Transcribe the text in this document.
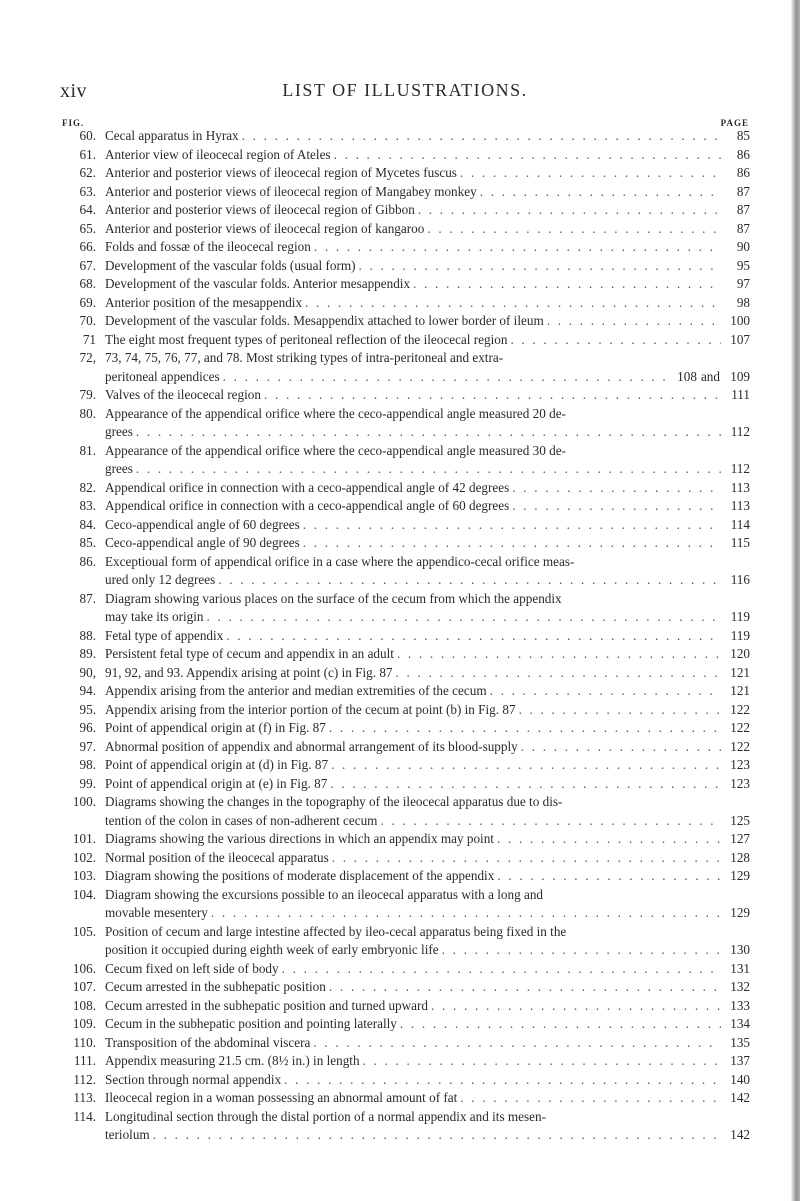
xiv	LIST OF ILLUSTRATIONS.
FIG.	PAGE
60. Cecal apparatus in Hyrax . . .	85
61. Anterior view of ileocecal region of Ateles . . .	86
62. Anterior and posterior views of ileocecal region of Mycetes fuscus . . .	86
63. Anterior and posterior views of ileocecal region of Mangabey monkey . . .	87
64. Anterior and posterior views of ileocecal region of Gibbon . . .	87
65. Anterior and posterior views of ileocecal region of kangaroo . . .	87
66. Folds and fossæ of the ileocecal region . . .	90
67. Development of the vascular folds (usual form) . . .	95
68. Development of the vascular folds. Anterior mesappendix . . .	97
69. Anterior position of the mesappendix . . .	98
70. Development of the vascular folds. Mesappendix attached to lower border of ileum . . .	100
71 The eight most frequent types of peritoneal reflection of the ileocecal region . . .	107
72, 73, 74, 75, 76, 77, and 78. Most striking types of intra-peritoneal and extra-
peritoneal appendices . . .	108 and 109
79. Valves of the ileocecal region . . .	111
80. Appearance of the appendical orifice where the ceco-appendical angle measured 20 de-
grees . . .	112
81. Appearance of the appendical orifice where the ceco-appendical angle measured 30 de-
grees . . .	112
82. Appendical orifice in connection with a ceco-appendical angle of 42 degrees . . .	113
83. Appendical orifice in connection with a ceco-appendical angle of 60 degrees . . .	113
84. Ceco-appendical angle of 60 degrees . . .	114
85. Ceco-appendical angle of 90 degrees . . .	115
86. Exceptioual form of appendical orifice in a case where the appendico-cecal orifice meas-
ured only 12 degrees . . .	116
87. Diagram showing various places on the surface of the cecum from which the appendix
may take its origin . . .	119
88. Fetal type of appendix . . .	119
89. Persistent fetal type of cecum and appendix in an adult . . .	120
90, 91, 92, and 93. Appendix arising at point (c) in Fig. 87 . . .	121
94. Appendix arising from the anterior and median extremities of the cecum . . .	121
95. Appendix arising from the interior portion of the cecum at point (b) in Fig. 87 . . .	122
96. Point of appendical origin at (f) in Fig. 87 . . .	122
97. Abnormal position of appendix and abnormal arrangement of its blood-supply . . .	122
98. Point of appendical origin at (d) in Fig. 87 . . .	123
99. Point of appendical origin at (e) in Fig. 87 . . .	123
100. Diagrams showing the changes in the topography of the ileocecal apparatus due to dis-
tention of the colon in cases of non-adherent cecum . . .	125
101. Diagrams showing the various directions in which an appendix may point . . .	127
102. Normal position of the ileocecal apparatus . . .	128
103. Diagram showing the positions of moderate displacement of the appendix . . .	129
104. Diagram showing the excursions possible to an ileocecal apparatus with a long and
movable mesentery . . .	129
105. Position of cecum and large intestine affected by ileo-cecal apparatus being fixed in the
position it occupied during eighth week of early embryonic life . . .	130
106. Cecum fixed on left side of body . . .	131
107. Cecum arrested in the subhepatic position . . .	132
108. Cecum arrested in the subhepatic position and turned upward . . .	133
109. Cecum in the subhepatic position and pointing laterally . . .	134
110. Transposition of the abdominal viscera . . .	135
111. Appendix measuring 21.5 cm. (8½ in.) in length . . .	137
112. Section through normal appendix . . .	140
113. Ileocecal region in a woman possessing an abnormal amount of fat . . .	142
114. Longitudinal section through the distal portion of a normal appendix and its mesen-
teriolum . . .	142
